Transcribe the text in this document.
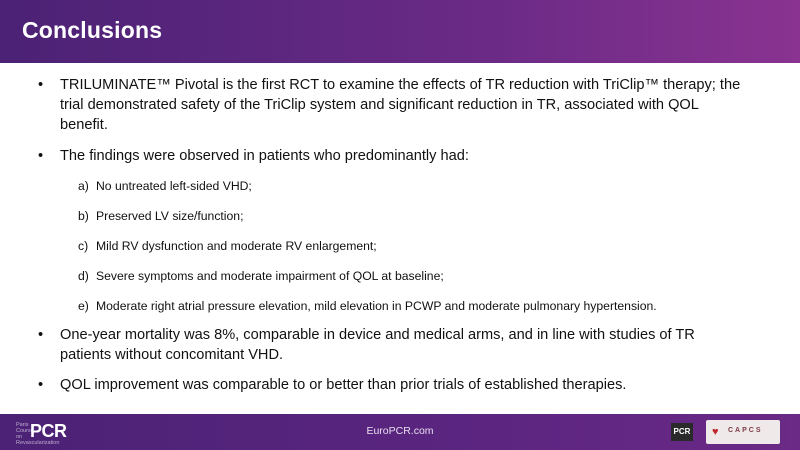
Conclusions
•	TRILUMINATE™ Pivotal is the first RCT to examine the effects of TR reduction with TriClip™ therapy; the
trial demonstrated safety of the TriClip system and significant reduction in TR, associated with QOL
benefit.
•	The findings were observed in patients who predominantly had:
a) No untreated left-sided VHD;
b) Preserved LV size/function;
c) Mild RV dysfunction and moderate RV enlargement;
d) Severe symptoms and moderate impairment of QOL at baseline;
e) Moderate right atrial pressure elevation, mild elevation in PCWP and moderate pulmonary hypertension.
•	One-year mortality was 8%, comparable in device and medical arms, and in line with studies of TR
patients without concomitant VHD.
•	QOL improvement was comparable to or better than prior trials of established therapies.
Paris Course on Revascularization
PCR	EuroPCR.com	PCR ♥ CAPCS
